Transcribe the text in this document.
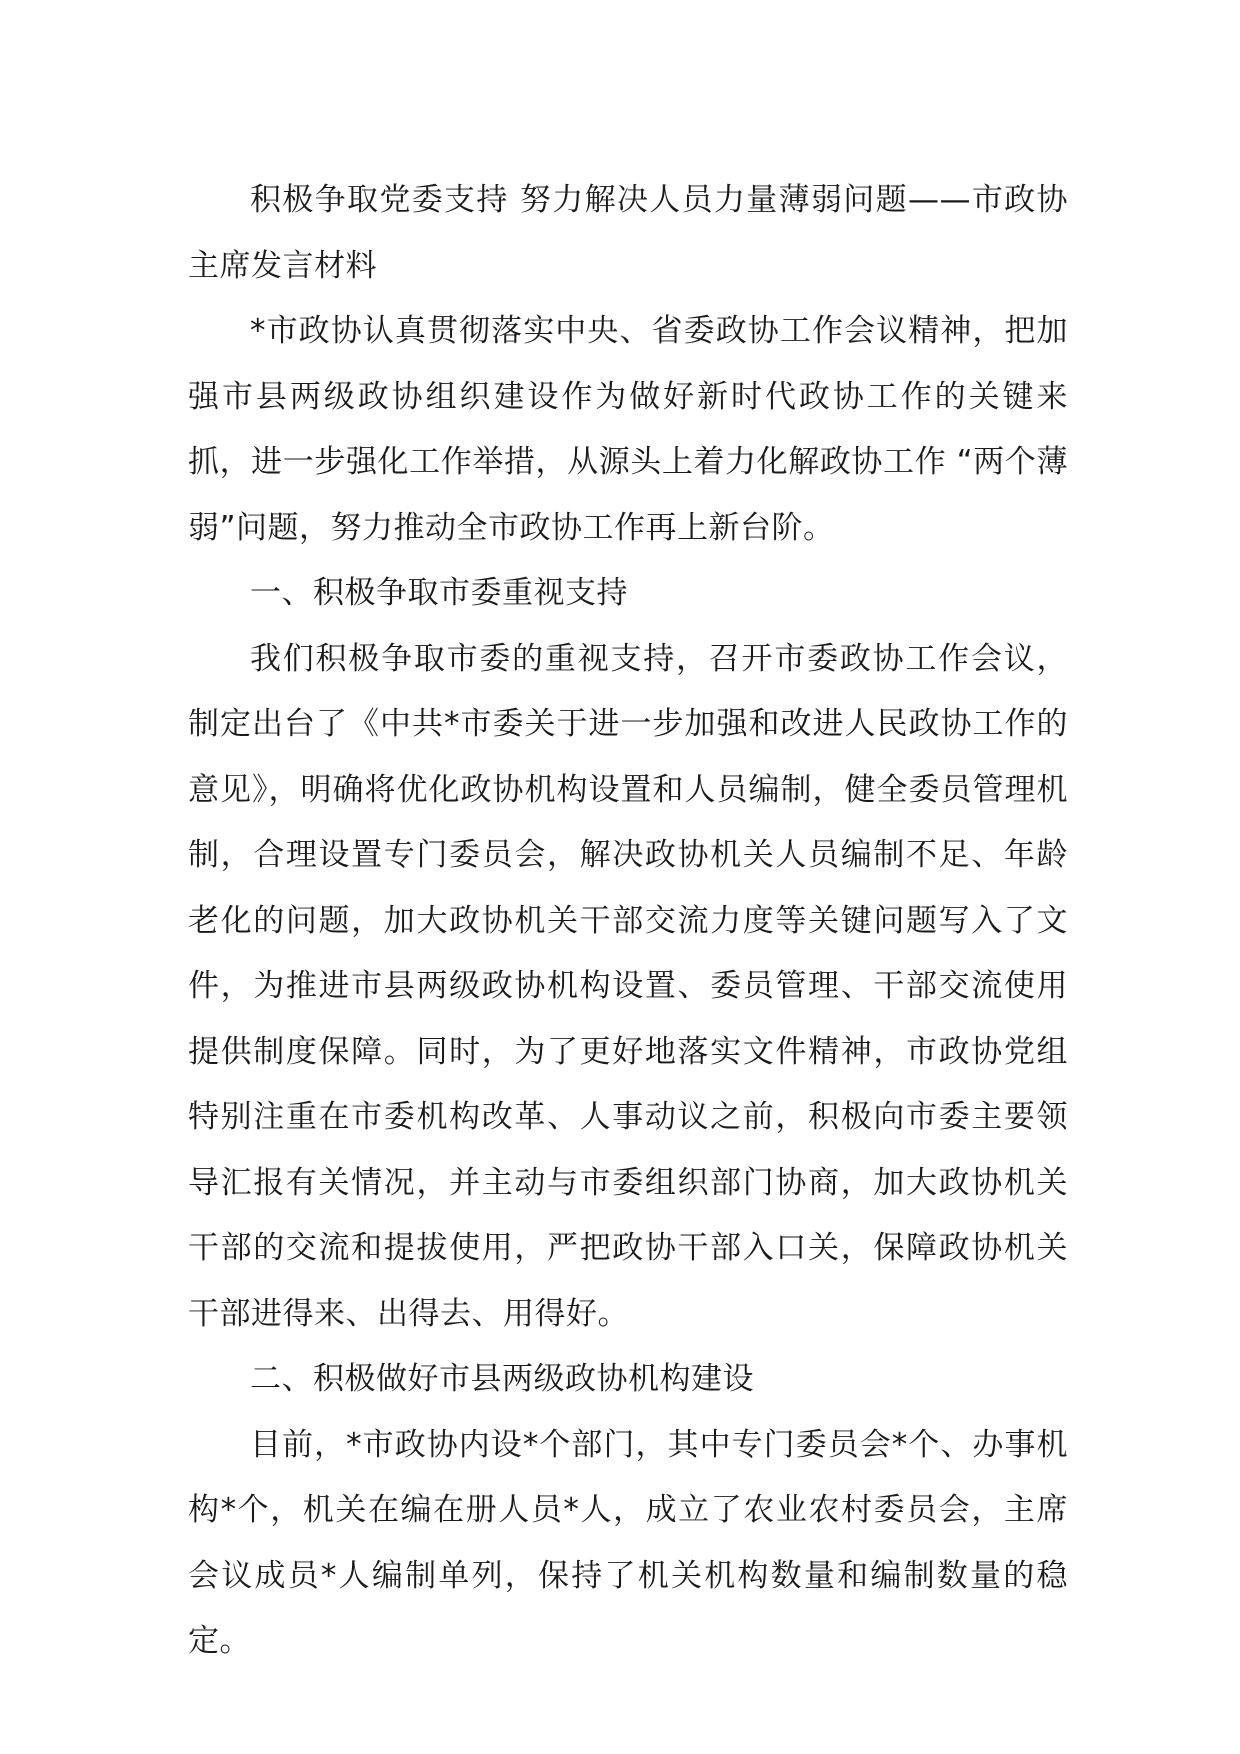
积极争取党委支持 努力解决人员力量薄弱问题——市政协主席发言材料

*市政协认真贯彻落实中央、省委政协工作会议精神，把加强市县两级政协组织建设作为做好新时代政协工作的关键来抓，进一步强化工作举措，从源头上着力化解政协工作 “两个薄弱”问题，努力推动全市政协工作再上新台阶。

一、积极争取市委重视支持

我们积极争取市委的重视支持，召开市委政协工作会议，制定出台了《中共*市委关于进一步加强和改进人民政协工作的意见》，明确将优化政协机构设置和人员编制，健全委员管理机制，合理设置专门委员会，解决政协机关人员编制不足、年龄老化的问题，加大政协机关干部交流力度等关键问题写入了文件，为推进市县两级政协机构设置、委员管理、干部交流使用提供制度保障。同时，为了更好地落实文件精神，市政协党组特别注重在市委机构改革、人事动议之前，积极向市委主要领导汇报有关情况，并主动与市委组织部门协商，加大政协机关干部的交流和提拔使用，严把政协干部入口关，保障政协机关干部进得来、出得去、用得好。

二、积极做好市县两级政协机构建设

目前，*市政协内设*个部门，其中专门委员会*个、办事机构*个，机关在编在册人员*人，成立了农业农村委员会，主席会议成员*人编制单列，保持了机关机构数量和编制数量的稳定。
